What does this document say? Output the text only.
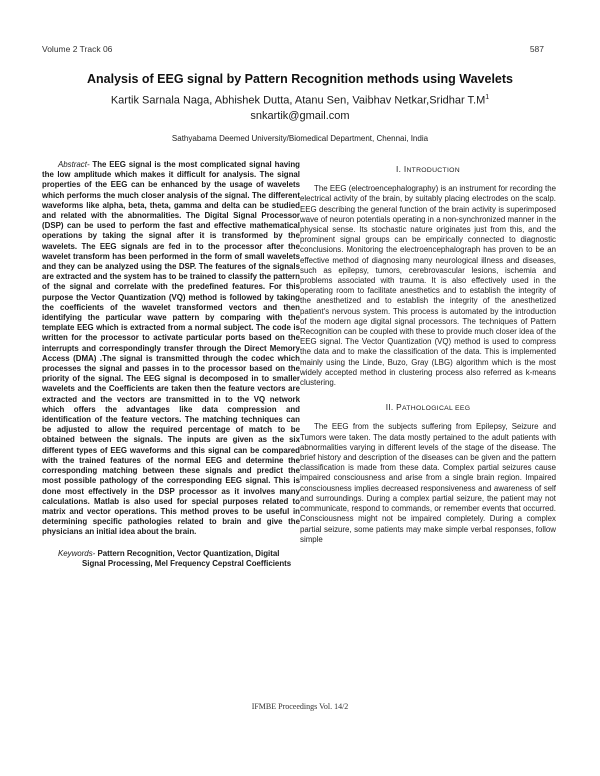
Volume 2 Track 06	587
Analysis of EEG signal by Pattern Recognition methods using Wavelets
Kartik Sarnala Naga, Abhishek Dutta, Atanu Sen, Vaibhav Netkar,Sridhar $T.M^1$
snkartik@gmail.com
Sathyabama Deemed University/Biomedical Department, Chennai, India

Abstract- The EEG signal is the most complicated signal having the low amplitude which makes it difficult for analysis. The signal properties of the EEG can be enhanced by the usage of wavelets which performs the much closer analysis of the signal. The different waveforms like alpha, beta, theta, gamma and delta can be studied and related with the abnormalities. The Digital Signal Processor (DSP) can be used to perform the fast and effective mathematical operations by taking the signal after it is transformed by the wavelets. The EEG signals are fed in to the processor after the wavelet transform has been performed in the form of small wavelets and they can be analyzed using the DSP. The features of the signals are extracted and the system has to be trained to classify the pattern of the signal and correlate with the predefined features. For this purpose the Vector Quantization (VQ) method is followed by taking the coefficients of the wavelet transformed vectors and then identifying the particular wave pattern by comparing with the template EEG which is extracted from a normal subject. The code is written for the processor to activate particular ports based on the interrupts and correspondingly transfer through the Direct Memory Access (DMA) .The signal is transmitted through the codec which processes the signal and passes in to the processor based on the priority of the signal. The EEG signal is decomposed in to smaller wavelets and the Coefficients are taken then the feature vectors are extracted and the vectors are transmitted in to the VQ network which offers the advantages like data compression and identification of the feature vectors. The matching techniques can be adjusted to allow the required percentage of match to be obtained between the signals. The inputs are given as the six different types of EEG waveforms and this signal can be compared with the trained features of the normal EEG and determine the corresponding matching between these signals and predict the most possible pathology of the corresponding EEG signal. This is done most effectively in the DSP processor as it involves many calculations. Matlab is also used for special purposes related to matrix and vector operations. This method proves to be useful in determining specific pathologies related to brain and give the physicians an initial idea about the brain.

Keywords- Pattern Recognition, Vector Quantization, Digital
Signal Processing, Mel Frequency Cepstral Coefficients

I. INTRODUCTION

The EEG (electroencephalography) is an instrument for recording the electrical activity of the brain, by suitably placing electrodes on the scalp. EEG describing the general function of the brain activity is superimposed wave of neuron potentials operating in a non-synchronized manner in the physical sense. Its stochastic nature originates just from this, and the prominent signal groups can be empirically connected to diagnostic conclusions. Monitoring the electroencephalograph has proven to be an effective method of diagnosing many neurological illness and diseases, such as epilepsy, tumors, cerebrovascular lesions, ischemia and problems associated with trauma. It is also effectively used in the operating room to facilitate anesthetics and to establish the integrity of the anesthetized and to establish the integrity of the anesthetized patient's nervous system. This process is automated by the introduction of the modern age digital signal processors. The techniques of Pattern Recognition can be coupled with these to provide much closer idea of the EEG signal. The Vector Quantization (VQ) method is used to compress the data and to make the classification of the data. This is implemented mainly using the Linde, Buzo, Gray (LBG) algorithm which is the most widely accepted method in clustering process also referred as k-means clustering.

II. PATHOLOGICAL EEG

The EEG from the subjects suffering from Epilepsy, Seizure and Tumors were taken. The data mostly pertained to the adult patients with abnormalities varying in different levels of the stage of the disease. The brief history and description of the diseases can be given and the pattern classification is made from these data. Complex partial seizures cause impaired consciousness and arise from a single brain region. Impaired consciousness implies decreased responsiveness and awareness of self and surroundings. During a complex partial seizure, the patient may not communicate, respond to commands, or remember events that occurred. Consciousness might not be impaired completely. During a complex partial seizure, some patients may make simple verbal responses, follow simple

IFMBE Proceedings Vol. 14/2
